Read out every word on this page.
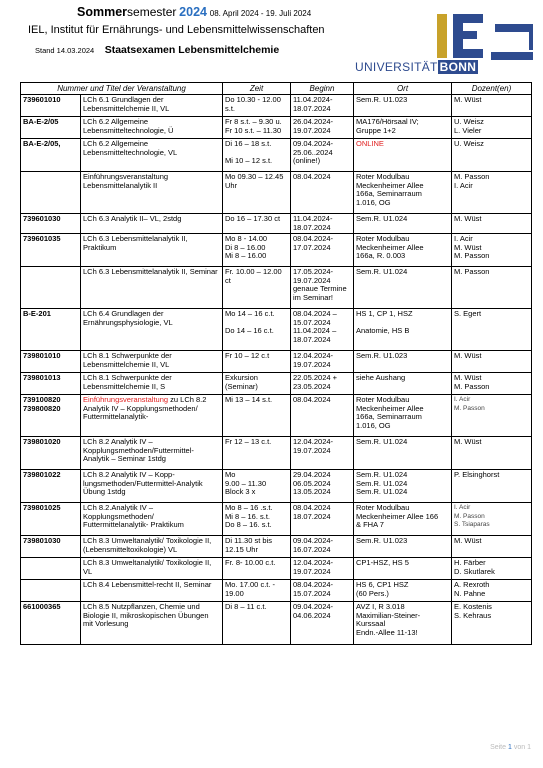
Sommersemester 2024 08. April 2024 - 19. Juli 2024
IEL, Institut für Ernährungs- und Lebensmittelwissenschaften
Stand 14.03.2024 Staatsexamen Lebensmittelchemie
IEL
UNIVERSITÄT BONN
Nummer und Titel der Veranstaltung		Zeit	Beginn	Ort	Dozent(en)
739601010	LCh 6.1 Grundlagen der Lebensmittelchemie II, VL	Do 10.30 - 12.00 s.t.	11.04.2024-
18.07.2024	Sem.R. U1.023	M. Wüst
BA-E-2/05	LCh 6.2 Allgemeine Lebensmitteltechnologie, Ü	Fr 8 s.t. – 9.30 u.
Fr 10 s.t. – 11.30	26.04.2024-
19.07.2024	MA176/Hörsaal IV;
Gruppe 1+2	U. Weisz
L. Vieler
BA-E-2/05,	LCh 6.2 Allgemeine Lebensmitteltechnologie, VL	Di 16 – 18 s.t.

Mi 10 – 12 s.t.	09.04.2024-
25.06..2024
(online!)	ONLINE	U. Weisz
	Einführungsveranstaltung Lebensmittelanalytik II	Mo 09.30 – 12.45
Uhr	08.04.2024	Roter Modulbau
Meckenheimer Allee
166a, Seminarraum
1.016, OG	M. Passon
I. Acir
739601030	LCh 6.3 Analytik II– VL, 2stdg	Do 16 – 17.30 ct	11.04.2024-
18.07.2024	Sem.R. U1.024	M. Wüst
739601035	LCh 6.3 Lebensmittelanalytik II, Praktikum	Mo 8 - 14.00
Di 8 – 16.00
Mi 8 – 16.00	08.04.2024-
17.07.2024	Roter Modulbau
Meckenheimer Allee
166a, R. 0.003	I. Acir
M. Wüst
M. Passon
	LCh 6.3 Lebensmittelanalytik II, Seminar	Fr. 10.00 – 12.00
ct	17.05.2024-
19.07.2024
genaue Termine
im Seminar!	Sem.R. U1.024	M. Passon
B-E-201	LCh 6.4 Grundlagen der Ernährungsphysiologie, VL	Mo 14 – 16 c.t.

Do 14 – 16 c.t.	08.04.2024 –
15.07.2024
11.04.2024 –
18.07.2024	HS 1, CP 1, HSZ

Anatomie, HS B	S. Egert
739801010	LCh 8.1 Schwerpunkte der Lebensmittelchemie II, VL	Fr 10 – 12 c.t	12.04.2024-
19.07.2024	Sem.R. U1.023	M. Wüst
739801013	LCh 8.1 Schwerpunkte der Lebensmittelchemie II, S	Exkursion
(Seminar)	22.05.2024 +
23.05.2024	siehe Aushang	M. Wüst
M. Passon
739100820
739800820	Einführungsveranstaltung zu LCh 8.2 Analytik IV – Kopplungsmethoden/ Futtermittelanalytik-	Mi 13 – 14 s.t.	08.04.2024	Roter Modulbau
Meckenheimer Allee
166a, Seminarraum
1.016, OG	I. Acir
M. Passon
739801020	LCh 8.2 Analytik IV – Kopplungsmethoden/Futtermittel-Analytik – Seminar 1stdg	Fr 12 – 13 c.t.	12.04.2024-
19.07.2024	Sem.R. U1.024	M. Wüst
739801022	LCh 8.2 Analytik IV – Kopp-lungsmethoden/Futtermittel-Analytik Übung 1stdg	Mo
9.00 – 11.30
Block 3 x	29.04.2024
06.05.2024
13.05.2024	Sem.R. U1.024
Sem.R. U1.024
Sem.R. U1.024	P. Elsinghorst
739801025	LCh 8.2.Analytik IV – Kopplungsmethoden/ Futtermittelanalytik- Praktikum	Mo 8 – 16 .s.t.
Mi 8 – 16. s.t.
Do 8 – 16. s.t.	08.04.2024
18.07.2024	Roter Modulbau
Meckenheimer Allee 166
& FHA 7	I. Acir
M. Passon
S. Tsiaparas
739801030	LCh 8.3 Umweltanalytik/ Toxikologie II, (Lebensmitteltoxikologie) VL	Di 11.30 st bis
12.15 Uhr	09.04.2024-
16.07.2024	Sem.R. U1.023	M. Wüst
	LCh 8.3 Umweltanalytik/ Toxikologie II, VL	Fr. 8- 10.00 c.t.	12.04.2024-
19.07.2024	CP1-HSZ, HS 5	H. Färber
D. Skutlarek
	LCh 8.4 Lebensmittel-recht II, Seminar	Mo. 17.00 c.t. -
19.00	08.04.2024-
15.07.2024	HS 6, CP1 HSZ
(60 Pers.)	A. Rexroth
N. Pahne
661000365	LCh 8.5 Nutzpflanzen, Chemie und Biologie II, mikroskopischen Übungen mit Vorlesung	Di 8 – 11 c.t.	09.04.2024-
04.06.2024	AVZ I, R 3.018
Maximilian-Steiner-
Kurssaal
Endn.-Allee 11-13!	E. Kostenis
S. Kehraus
Seite 1 von 1
